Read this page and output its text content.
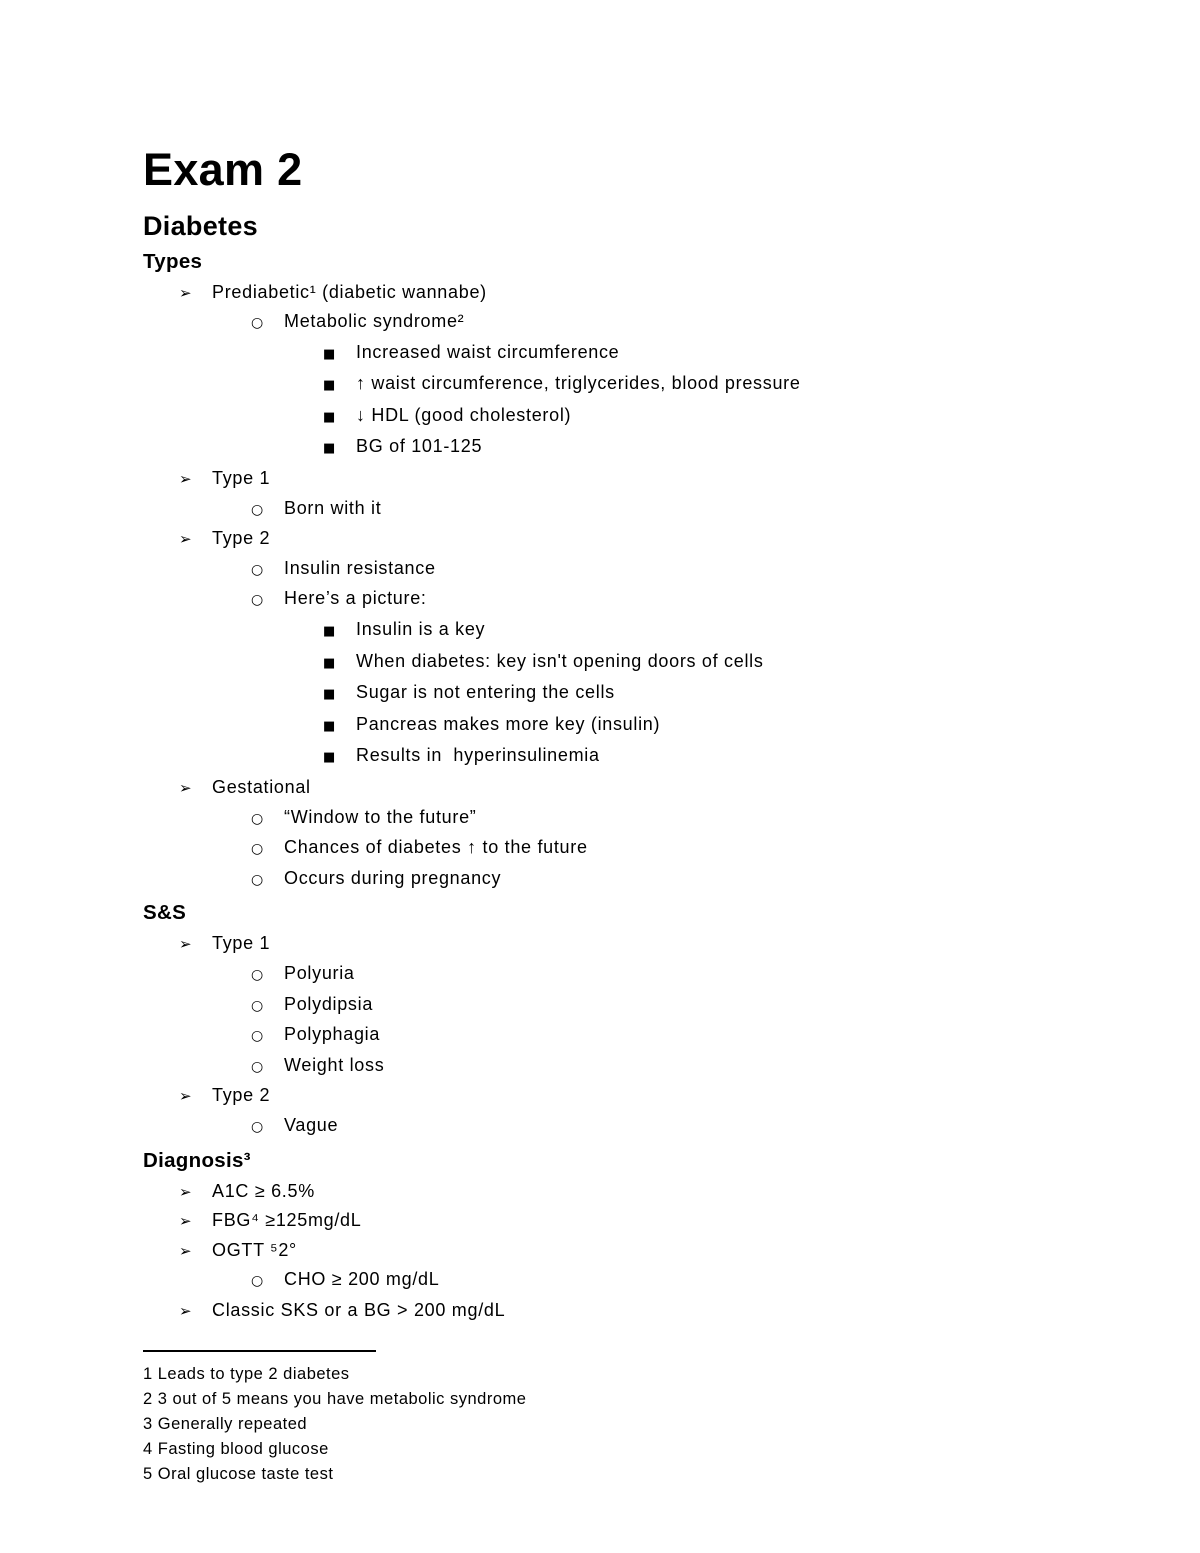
Exam 2
Diabetes
Types
➢	Prediabetic¹ (diabetic wannabe)
○	Metabolic syndrome²
■	Increased waist circumference
■	↑ waist circumference, triglycerides, blood pressure
■	↓ HDL (good cholesterol)
■	BG of 101-125
➢	Type 1
○	Born with it
➢	Type 2
○	Insulin resistance
○	Here’s a picture:
■	Insulin is a key
■	When diabetes: key isn't opening doors of cells
■	Sugar is not entering the cells
■	Pancreas makes more key (insulin)
■	Results in  hyperinsulinemia
➢	Gestational
○	“Window to the future”
○	Chances of diabetes ↑ to the future
○	Occurs during pregnancy
S&S
➢	Type 1
○	Polyuria
○	Polydipsia
○	Polyphagia
○	Weight loss
➢	Type 2
○	Vague
Diagnosis³
➢	A1C ≥ 6.5%
➢	FBG⁴ ≥125mg/dL
➢	OGTT ⁵2°
○	CHO ≥ 200 mg/dL
➢	Classic SKS or a BG > 200 mg/dL
1 Leads to type 2 diabetes
2 3 out of 5 means you have metabolic syndrome
3 Generally repeated
4 Fasting blood glucose
5 Oral glucose taste test
